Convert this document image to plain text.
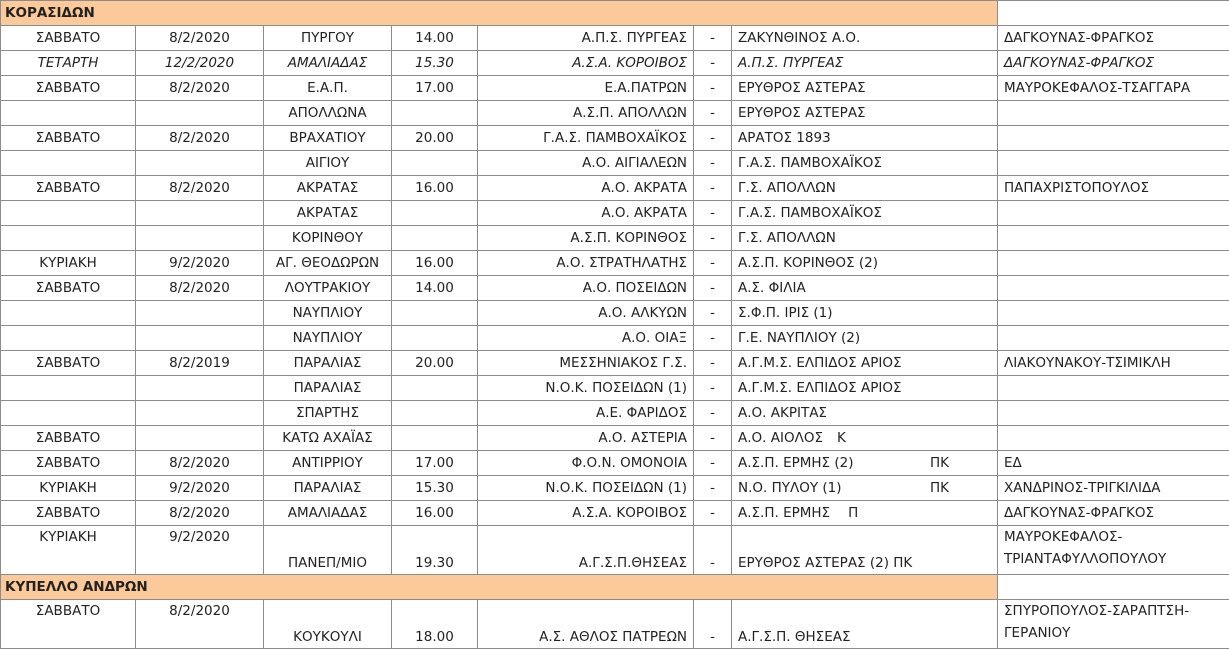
ΚΟΡΑΣΙΔΩΝ							
ΣΑΒΒΑΤΟ	8/2/2020	ΠΥΡΓΟΥ	14.00	Α.Π.Σ. ΠΥΡΓΕΑΣ	-	ΖΑΚΥΝΘΙΝΟΣ Α.Ο.	ΔΑΓΚΟΥΝΑΣ-ΦΡΑΓΚΟΣ
ΤΕΤΑΡΤΗ	12/2/2020	ΑΜΑΛΙΑΔΑΣ	15.30	Α.Σ.Α. ΚΟΡΟΙΒΟΣ	-	Α.Π.Σ. ΠΥΡΓΕΑΣ	ΔΑΓΚΟΥΝΑΣ-ΦΡΑΓΚΟΣ
ΣΑΒΒΑΤΟ	8/2/2020	Ε.Α.Π.	17.00	Ε.Α.ΠΑΤΡΩΝ	-	ΕΡΥΘΡΟΣ ΑΣΤΕΡΑΣ	ΜΑΥΡΟΚΕΦΑΛΟΣ-ΤΣΑΓΓΑΡΑ
		ΑΠΟΛΛΩΝΑ		Α.Σ.Π. ΑΠΟΛΛΩΝ	-	ΕΡΥΘΡΟΣ ΑΣΤΕΡΑΣ	
ΣΑΒΒΑΤΟ	8/2/2020	ΒΡΑΧΑΤΙΟΥ	20.00	Γ.Α.Σ. ΠΑΜΒΟΧΑΪΚΟΣ	-	ΑΡΑΤΟΣ 1893	
		ΑΙΓΙΟΥ		Α.Ο. ΑΙΓΙΑΛΕΩΝ	-	Γ.Α.Σ. ΠΑΜΒΟΧΑΪΚΟΣ	
ΣΑΒΒΑΤΟ	8/2/2020	ΑΚΡΑΤΑΣ	16.00	Α.Ο. ΑΚΡΑΤΑ	-	Γ.Σ. ΑΠΟΛΛΩΝ	ΠΑΠΑΧΡΙΣΤΟΠΟΥΛΟΣ
		ΑΚΡΑΤΑΣ		Α.Ο. ΑΚΡΑΤΑ	-	Γ.Α.Σ. ΠΑΜΒΟΧΑΪΚΟΣ	
		ΚΟΡΙΝΘΟΥ		Α.Σ.Π. ΚΟΡΙΝΘΟΣ	-	Γ.Σ. ΑΠΟΛΛΩΝ	
ΚΥΡΙΑΚΗ	9/2/2020	ΑΓ. ΘΕΟΔΩΡΩΝ	16.00	Α.Ο. ΣΤΡΑΤΗΛΑΤΗΣ	-	Α.Σ.Π. ΚΟΡΙΝΘΟΣ (2)	
ΣΑΒΒΑΤΟ	8/2/2020	ΛΟΥΤΡΑΚΙΟΥ	14.00	Α.Ο. ΠΟΣΕΙΔΩΝ	-	Α.Σ. ΦΙΛΙΑ	
		ΝΑΥΠΛΙΟΥ		Α.Ο. ΑΛΚΥΩΝ	-	Σ.Φ.Π. ΙΡΙΣ (1)	
		ΝΑΥΠΛΙΟΥ		Α.Ο. ΟΙΑΞ	-	Γ.Ε. ΝΑΥΠΛΙΟΥ (2)	
ΣΑΒΒΑΤΟ	8/2/2019	ΠΑΡΑΛΙΑΣ	20.00	ΜΕΣΣΗΝΙΑΚΟΣ Γ.Σ.	-	Α.Γ.Μ.Σ. ΕΛΠΙΔΟΣ ΑΡΙΟΣ	ΛΙΑΚΟΥΝΑΚΟΥ-ΤΣΙΜΙΚΛΗ
		ΠΑΡΑΛΙΑΣ		Ν.Ο.Κ. ΠΟΣΕΙΔΩΝ (1)	-	Α.Γ.Μ.Σ. ΕΛΠΙΔΟΣ ΑΡΙΟΣ	
		ΣΠΑΡΤΗΣ		Α.Ε. ΦΑΡΙΔΟΣ	-	Α.Ο. ΑΚΡΙΤΑΣ	
ΣΑΒΒΑΤΟ		ΚΑΤΩ ΑΧΑΪΑΣ		Α.Ο. ΑΣΤΕΡΙΑ	-	Α.Ο. ΑΙΟΛΟΣ Κ	
ΣΑΒΒΑΤΟ	8/2/2020	ΑΝΤΙΡΡΙΟΥ	17.00	Φ.Ο.Ν. ΟΜΟΝΟΙΑ	-	Α.Σ.Π. ΕΡΜΗΣ (2) ΠΚ	ΕΔ
ΚΥΡΙΑΚΗ	9/2/2020	ΠΑΡΑΛΙΑΣ	15.30	Ν.Ο.Κ. ΠΟΣΕΙΔΩΝ (1)	-	Ν.Ο. ΠΥΛΟΥ (1) ΠΚ	ΧΑΝΔΡΙΝΟΣ-ΤΡΙΓΚΙΛΙΔΑ
ΣΑΒΒΑΤΟ	8/2/2020	ΑΜΑΛΙΑΔΑΣ	16.00	Α.Σ.Α. ΚΟΡΟΙΒΟΣ	-	Α.Σ.Π. ΕΡΜΗΣ Π	ΔΑΓΚΟΥΝΑΣ-ΦΡΑΓΚΟΣ
ΚΥΡΙΑΚΗ	9/2/2020	ΠΑΝΕΠ/ΜΙΟ	19.30	Α.Γ.Σ.Π.ΘΗΣΕΑΣ	-	ΕΡΥΘΡΟΣ ΑΣΤΕΡΑΣ (2) ΠΚ	ΜΑΥΡΟΚΕΦΑΛΟΣ-ΤΡΙΑΝΤΑΦΥΛΛΟΠΟΥΛΟΥ
ΚΥΠΕΛΛΟ ΑΝΔΡΩΝ							
ΣΑΒΒΑΤΟ	8/2/2020	ΚΟΥΚΟΥΛΙ	18.00	Α.Σ. ΑΘΛΟΣ ΠΑΤΡΕΩΝ	-	Α.Γ.Σ.Π. ΘΗΣΕΑΣ	ΣΠΥΡΟΠΟΥΛΟΣ-ΣΑΡΑΠΤΣΗ-ΓΕΡΑΝΙΟΥ
